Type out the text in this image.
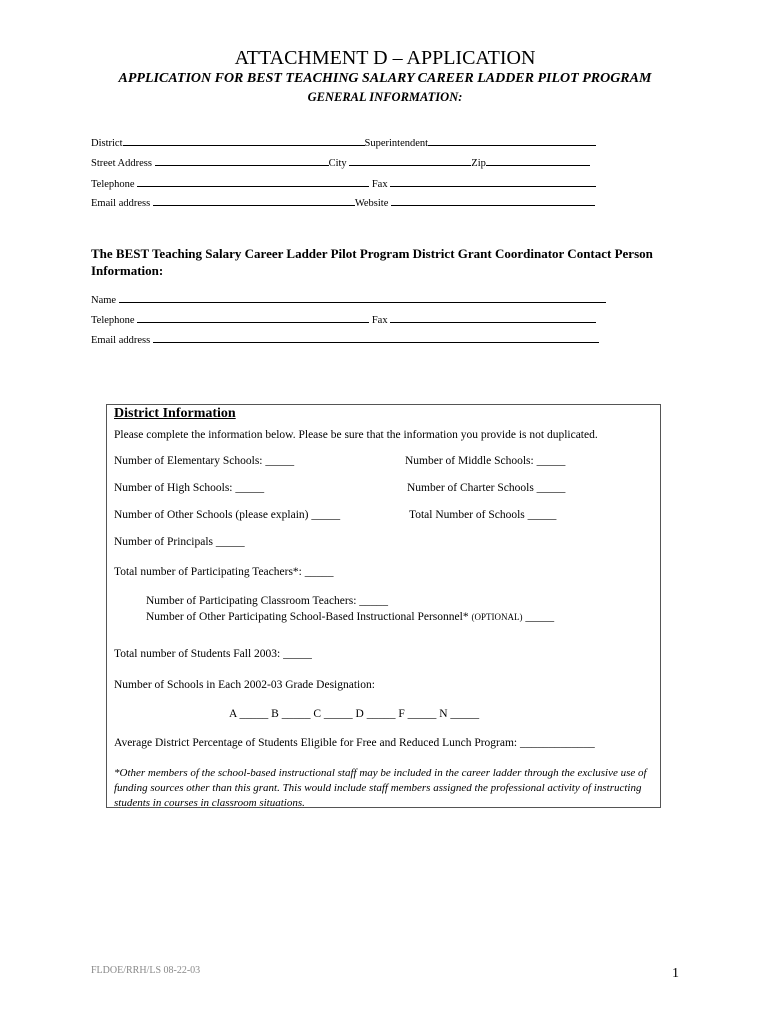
ATTACHMENT D – APPLICATION
APPLICATION FOR BEST TEACHING SALARY CAREER LADDER PILOT PROGRAM
GENERAL INFORMATION:
District	Superintendent
Street Address	City	Zip
Telephone	Fax
Email address	Website
The BEST Teaching Salary Career Ladder Pilot Program District Grant Coordinator Contact Person Information:
Name
Telephone	Fax
Email address
District Information
Please complete the information below. Please be sure that the information you provide is not duplicated.
Number of Elementary Schools: _____	Number of Middle Schools: _____
Number of High Schools: _____	Number of Charter Schools _____
Number of Other Schools (please explain) _____	Total Number of Schools _____
Number of Principals _____
Total number of Participating Teachers*: _____
Number of Participating Classroom Teachers: _____
Number of Other Participating School-Based Instructional Personnel* (OPTIONAL) _____
Total number of Students Fall 2003: _____
Number of Schools in Each 2002-03 Grade Designation:
A _____ B _____ C _____ D _____ F _____ N _____
Average District Percentage of Students Eligible for Free and Reduced Lunch Program: _____________
*Other members of the school-based instructional staff may be included in the career ladder through the exclusive use of funding sources other than this grant. This would include staff members assigned the professional activity of instructing students in courses in classroom situations.
FLDOE/RRH/LS 08-22-03	1
